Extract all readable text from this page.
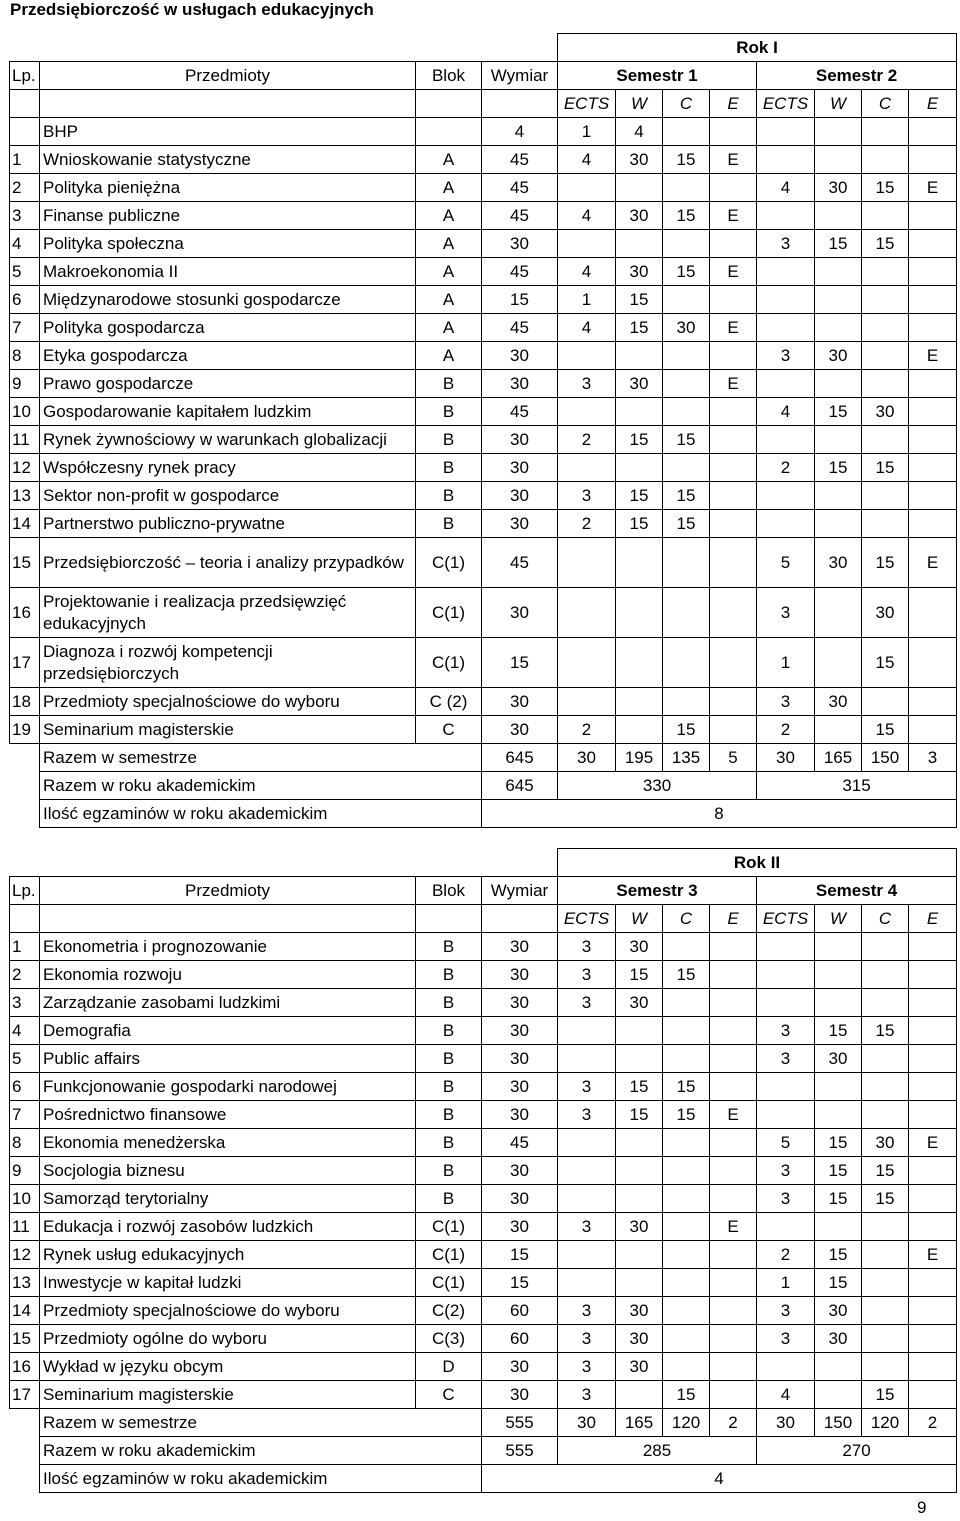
Przedsiębiorczość w usługach edukacyjnych
				Rok I							
Lp.	Przedmioty	Blok	Wymiar	Semestr 1				Semestr 2			
				ECTS	W	C	E	ECTS	W	C	E
	BHP		4	1	4						
1	Wnioskowanie statystyczne	A	45	4	30	15	E				
2	Polityka pieniężna	A	45					4	30	15	E
3	Finanse publiczne	A	45	4	30	15	E				
4	Polityka społeczna	A	30					3	15	15	
5	Makroekonomia II	A	45	4	30	15	E				
6	Międzynarodowe stosunki gospodarcze	A	15	1	15						
7	Polityka gospodarcza	A	45	4	15	30	E				
8	Etyka gospodarcza	A	30					3	30		E
9	Prawo gospodarcze	B	30	3	30		E				
10	Gospodarowanie kapitałem ludzkim	B	45					4	15	30	
11	Rynek żywnościowy w warunkach globalizacji	B	30	2	15	15					
12	Współczesny rynek pracy	B	30					2	15	15	
13	Sektor non-profit w gospodarce	B	30	3	15	15					
14	Partnerstwo publiczno-prywatne	B	30	2	15	15					
15	Przedsiębiorczość – teoria i analizy przypadków	C(1)	45					5	30	15	E
16	Projektowanie i realizacja przedsięwzięć edukacyjnych	C(1)	30					3		30	
17	Diagnoza i rozwój kompetencji przedsiębiorczych	C(1)	15					1		15	
18	Przedmioty specjalnościowe do wyboru	C (2)	30					3	30		
19	Seminarium magisterskie	C	30	2		15		2		15	
	Razem w semestrze		645	30	195	135	5	30	165	150	3
	Razem w roku akademickim		645	330				315			
	Ilość egzaminów w roku akademickim		8								
				Rok II							
Lp.	Przedmioty	Blok	Wymiar	Semestr 3				Semestr 4			
				ECTS	W	C	E	ECTS	W	C	E
1	Ekonometria i prognozowanie	B	30	3	30						
2	Ekonomia rozwoju	B	30	3	15	15					
3	Zarządzanie zasobami ludzkimi	B	30	3	30						
4	Demografia	B	30					3	15	15	
5	Public affairs	B	30					3	30		
6	Funkcjonowanie gospodarki narodowej	B	30	3	15	15					
7	Pośrednictwo finansowe	B	30	3	15	15	E				
8	Ekonomia menedżerska	B	45					5	15	30	E
9	Socjologia biznesu	B	30					3	15	15	
10	Samorząd terytorialny	B	30					3	15	15	
11	Edukacja i rozwój zasobów ludzkich	C(1)	30	3	30		E				
12	Rynek usług edukacyjnych	C(1)	15					2	15		E
13	Inwestycje w kapitał ludzki	C(1)	15					1	15		
14	Przedmioty specjalnościowe do wyboru	C(2)	60	3	30			3	30		
15	Przedmioty ogólne do wyboru	C(3)	60	3	30			3	30		
16	Wykład w języku obcym	D	30	3	30						
17	Seminarium magisterskie	C	30	3		15		4		15	
	Razem w semestrze		555	30	165	120	2	30	150	120	2
	Razem w roku akademickim		555	285				270			
	Ilość egzaminów w roku akademickim		4								
9
